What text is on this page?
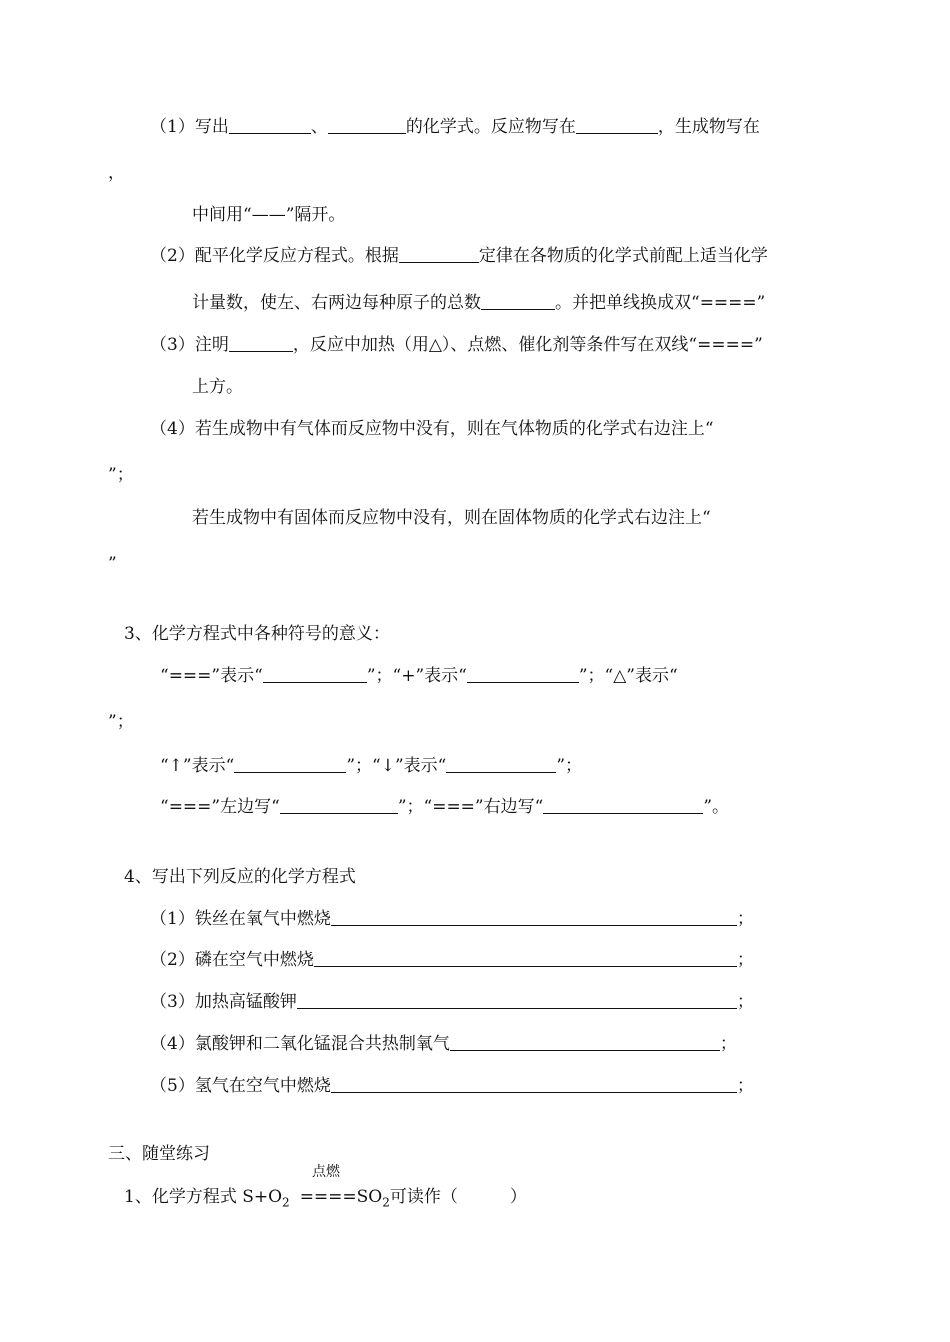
（1）写出	、	的化学式。反应物写在	，生成物写在
，
中间用“——”隔开。
（2）配平化学反应方程式。根据	定律在各物质的化学式前配上适当化学
计量数，使左、右两边每种原子的总数	。并把单线换成双“====”
（3）注明	，反应中加热（用△）、点燃、催化剂等条件写在双线“====”
上方。
（4）若生成物中有气体而反应物中没有，则在气体物质的化学式右边注上“
”；
若生成物中有固体而反应物中没有，则在固体物质的化学式右边注上“
”
3、化学方程式中各种符号的意义：
“===”表示“	”；“+”表示“	”；“△”表示“
”；
“↑”表示“	”；“↓”表示“	”；
“===”左边写“	”；“===”右边写“	”。
4、写出下列反应的化学方程式
（1）铁丝在氧气中燃烧	；
（2）磷在空气中燃烧	；
（3）加热高锰酸钾	；
（4）氯酸钾和二氧化锰混合共热制氧气	；
（5）氢气在空气中燃烧	；
三、随堂练习
点燃
1、化学方程式 $S+O_2 ====SO_2$可读作（	）
